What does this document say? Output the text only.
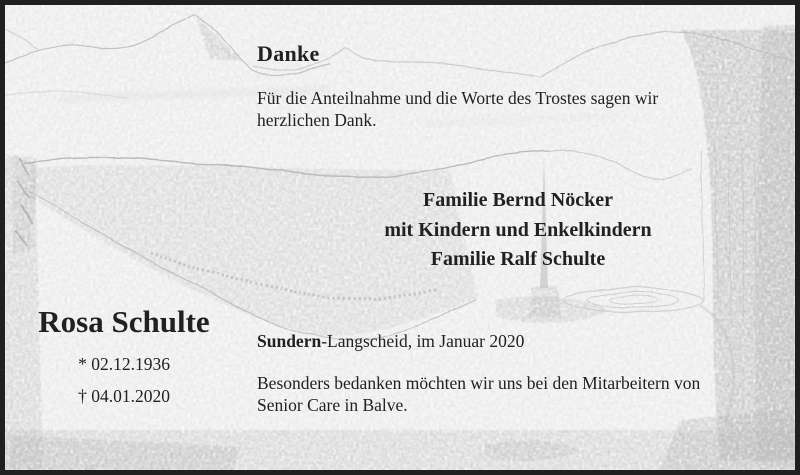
Danke
Für die Anteilnahme und die Worte des Trostes sagen wir
herzlichen Dank.
Familie Bernd Nöcker
mit Kindern und Enkelkindern
Familie Ralf Schulte
Rosa Schulte
* 02.12.1936
† 04.01.2020
Sundern-Langscheid, im Januar 2020
Besonders bedanken möchten wir uns bei den Mitarbeitern von
Senior Care in Balve.
